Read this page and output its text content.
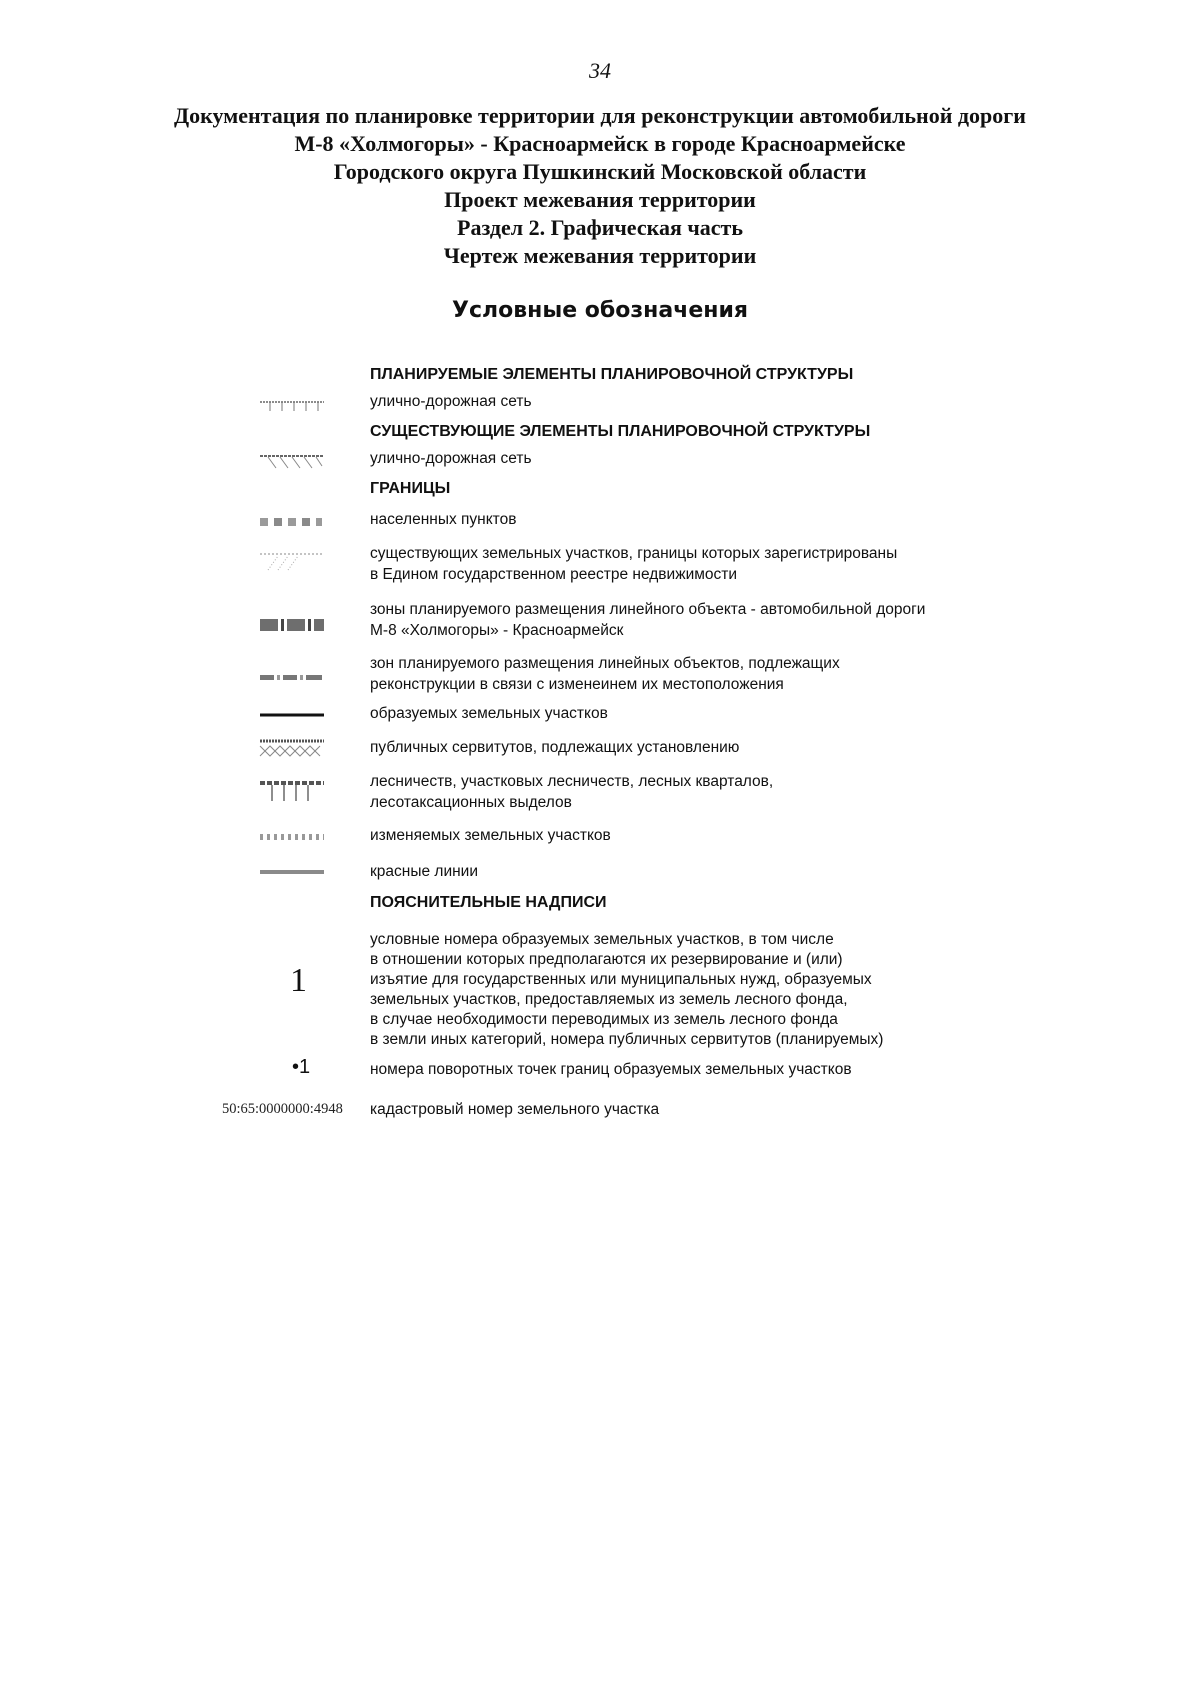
34
Документация по планировке территории для реконструкции автомобильной дороги
М-8 «Холмогоры» - Красноармейск в городе Красноармейске
Городского округа Пушкинский Московской области
Проект межевания территории
Раздел 2. Графическая часть
Чертеж межевания территории
Условные обозначения
ПЛАНИРУЕМЫЕ ЭЛЕМЕНТЫ ПЛАНИРОВОЧНОЙ СТРУКТУРЫ
улично-дорожная сеть
СУЩЕСТВУЮЩИЕ ЭЛЕМЕНТЫ ПЛАНИРОВОЧНОЙ СТРУКТУРЫ
улично-дорожная сеть
ГРАНИЦЫ
населенных пунктов
существующих земельных участков, границы которых зарегистрированы
в Едином государственном реестре недвижимости
зоны планируемого размещения линейного объекта - автомобильной дороги
М-8 «Холмогоры» - Красноармейск
зон планируемого размещения линейных объектов, подлежащих
реконструкции в связи с изменеинем их местоположения
образуемых земельных участков
публичных сервитутов, подлежащих установлению
лесничеств, участковых лесничеств, лесных кварталов,
лесотаксационных выделов
изменяемых земельных участков
красные линии
ПОЯСНИТЕЛЬНЫЕ НАДПИСИ
1
условные номера образуемых земельных участков, в том числе
в отношении которых предполагаются их резервирование и (или)
изъятие для государственных или муниципальных нужд, образуемых
земельных участков, предоставляемых из земель лесного фонда,
в случае необходимости переводимых из земель лесного фонда
в земли иных категорий, номера публичных сервитутов (планируемых)
•1	номера поворотных точек границ образуемых земельных участков
50:65:0000000:4948 кадастровый номер земельного участка
